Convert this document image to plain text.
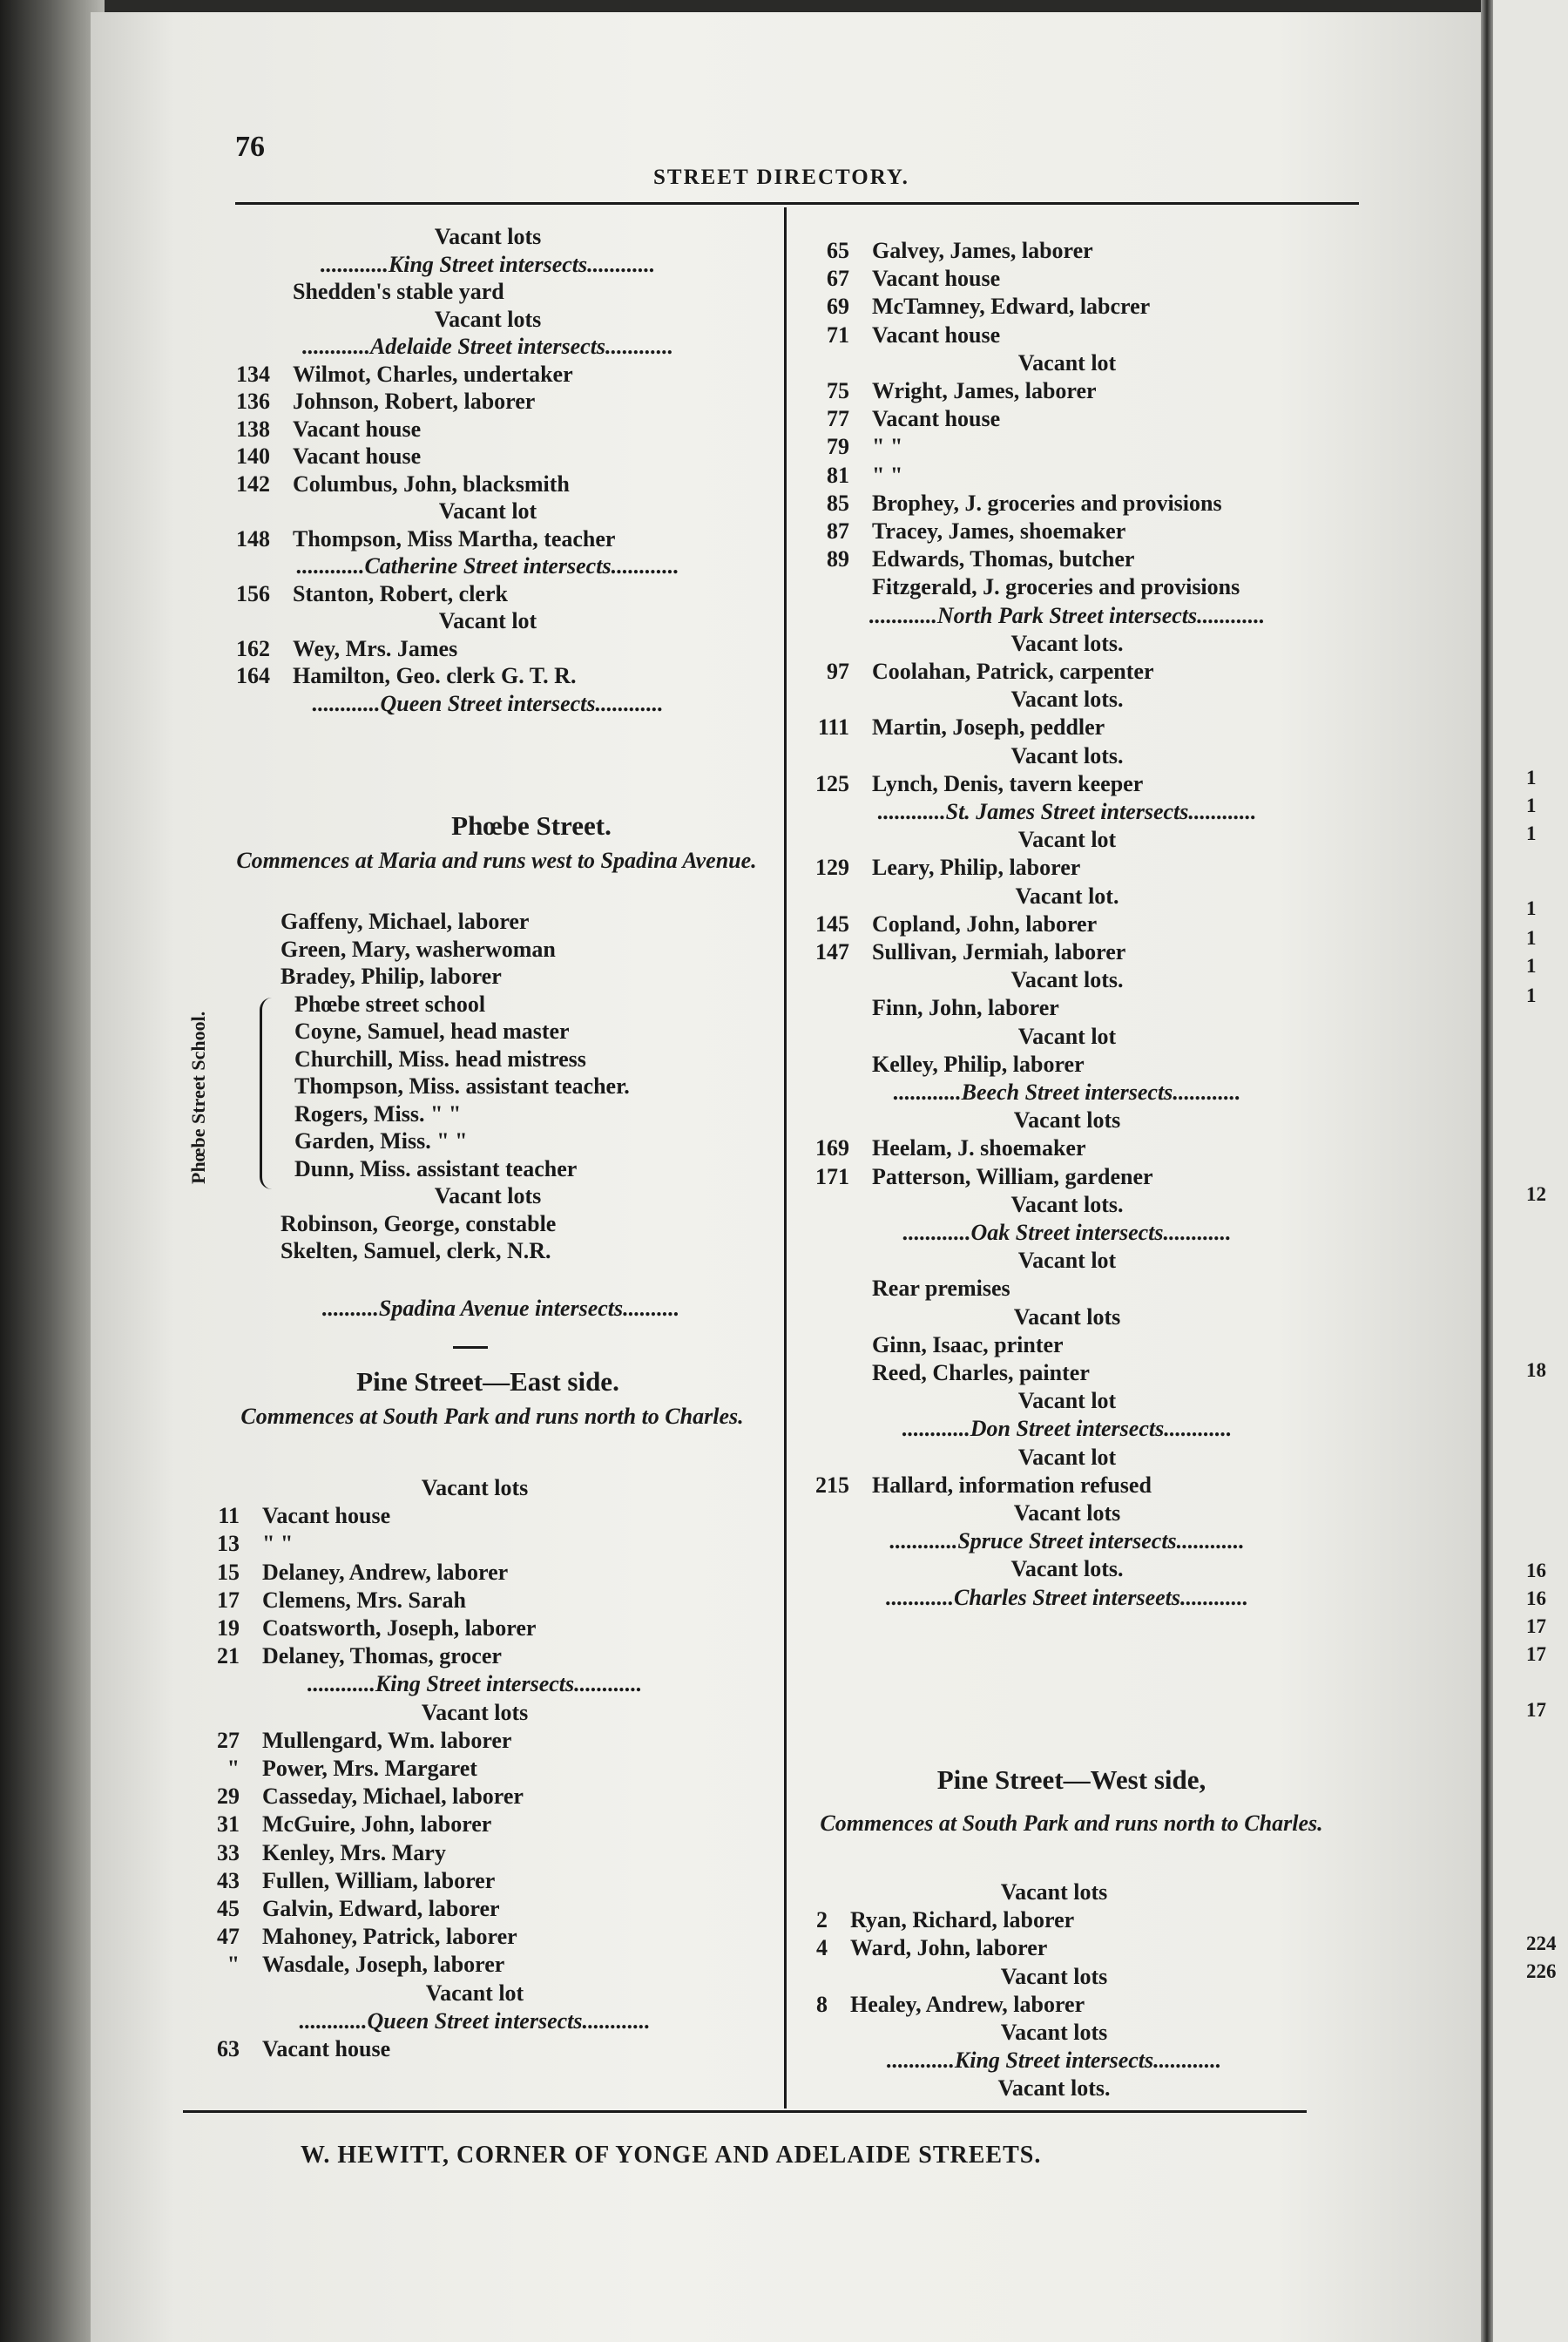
1
1
1
1
1
1
1
12
18
16
16
17
17
17
224
226
76
STREET DIRECTORY.
Vacant lots
............King Street intersects............
Shedden's stable yard
Vacant lots
............Adelaide Street intersects............
134 Wilmot, Charles, undertaker
136 Johnson, Robert, laborer
138 Vacant house
140 Vacant house
142 Columbus, John, blacksmith
Vacant lot
148 Thompson, Miss Martha, teacher
............Catherine Street intersects............
156 Stanton, Robert, clerk
Vacant lot
162 Wey, Mrs. James
164 Hamilton, Geo. clerk G. T. R.
............Queen Street intersects............
Phœbe Street.
Commences at Maria and runs west to Spadina Avenue.
Phœbe Street School.
Gaffeny, Michael, laborer
Green, Mary, washerwoman
Bradey, Philip, laborer
Phœbe street school
Coyne, Samuel, head master
Churchill, Miss. head mistress
Thompson, Miss. assistant teacher.
Rogers, Miss. " "
Garden, Miss. " "
Dunn, Miss. assistant teacher
Vacant lots
Robinson, George, constable
Skelten, Samuel, clerk, N.R.
..........Spadina Avenue intersects..........
Pine Street—East side.
Commences at South Park and runs north to Charles.
Vacant lots
11 Vacant house
13 " "
15 Delaney, Andrew, laborer
17 Clemens, Mrs. Sarah
19 Coatsworth, Joseph, laborer
21 Delaney, Thomas, grocer
............King Street intersects............
Vacant lots
27 Mullengard, Wm. laborer
" Power, Mrs. Margaret
29 Casseday, Michael, laborer
31 McGuire, John, laborer
33 Kenley, Mrs. Mary
43 Fullen, William, laborer
45 Galvin, Edward, laborer
47 Mahoney, Patrick, laborer
" Wasdale, Joseph, laborer
Vacant lot
............Queen Street intersects............
63 Vacant house
65 Galvey, James, laborer
67 Vacant house
69 McTamney, Edward, labcrer
71 Vacant house
Vacant lot
75 Wright, James, laborer
77 Vacant house
79 " "
81 " "
85 Brophey, J. groceries and provisions
87 Tracey, James, shoemaker
89 Edwards, Thomas, butcher
Fitzgerald, J. groceries and provisions
............North Park Street intersects............
Vacant lots.
97 Coolahan, Patrick, carpenter
Vacant lots.
111 Martin, Joseph, peddler
Vacant lots.
125 Lynch, Denis, tavern keeper
............St. James Street intersects............
Vacant lot
129 Leary, Philip, laborer
Vacant lot.
145 Copland, John, laborer
147 Sullivan, Jermiah, laborer
Vacant lots.
Finn, John, laborer
Vacant lot
Kelley, Philip, laborer
............Beech Street intersects............
Vacant lots
169 Heelam, J. shoemaker
171 Patterson, William, gardener
Vacant lots.
............Oak Street intersects............
Vacant lot
Rear premises
Vacant lots
Ginn, Isaac, printer
Reed, Charles, painter
Vacant lot
............Don Street intersects............
Vacant lot
215 Hallard, information refused
Vacant lots
............Spruce Street intersects............
Vacant lots.
............Charles Street interseets............
Pine Street—West side,
Commences at South Park and runs north to Charles.
Vacant lots
2 Ryan, Richard, laborer
4 Ward, John, laborer
Vacant lots
8 Healey, Andrew, laborer
Vacant lots
............King Street intersects............
Vacant lots.
W. HEWITT, CORNER OF YONGE AND ADELAIDE STREETS.
